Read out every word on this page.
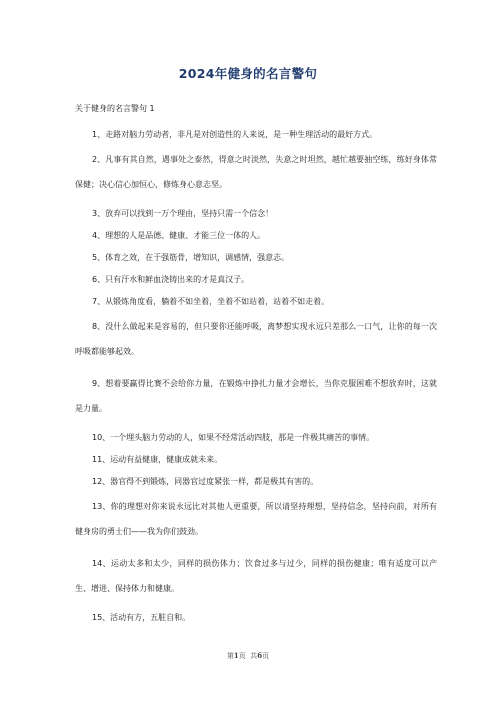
2024年健身的名言警句
关于健身的名言警句 1

1、走路对脑力劳动者，非凡是对创造性的人来说，是一种生理活动的最好方式。

2、凡事有其自然，遇事处之泰然，得意之时淡然，失意之时坦然，越忙越要抽空练，练好身体常保健；决心信心加恒心，修炼身心意志坚。

3、放弃可以找到一万个理由，坚持只需一个信念！

4、理想的人是品德、健康、才能三位一体的人。

5、体育之效，在于强筋骨，增知识，调感情，强意志。

6、只有汗水和鲜血浇铸出来的才是真汉子。

7、从锻炼角度看，躺着不如坐着，坐着不如站着，站着不如走着。

8、没什么做起来是容易的，但只要你还能呼吸，离梦想实现永远只差那么一口气，让你的每一次呼吸都能够起效。

9、想着要赢得比赛不会给你力量，在锻炼中挣扎力量才会增长，当你克服困难不想放弃时，这就是力量。

10、一个埋头脑力劳动的人，如果不经常活动四肢，那是一件极其痛苦的事情。

11、运动有益健康，健康成就未来。

12、器官得不到锻炼，同器官过度紧张一样，都是极其有害的。

13、你的理想对你来说永远比对其他人更重要，所以请坚持理想，坚持信念，坚持向前，对所有健身房的勇士们——我为你们鼓劲。

14、运动太多和太少，同样的损伤体力；饮食过多与过少，同样的损伤健康；唯有适度可以产生、增进、保持体力和健康。

15、活动有方，五脏自和。

第1页  共6页
